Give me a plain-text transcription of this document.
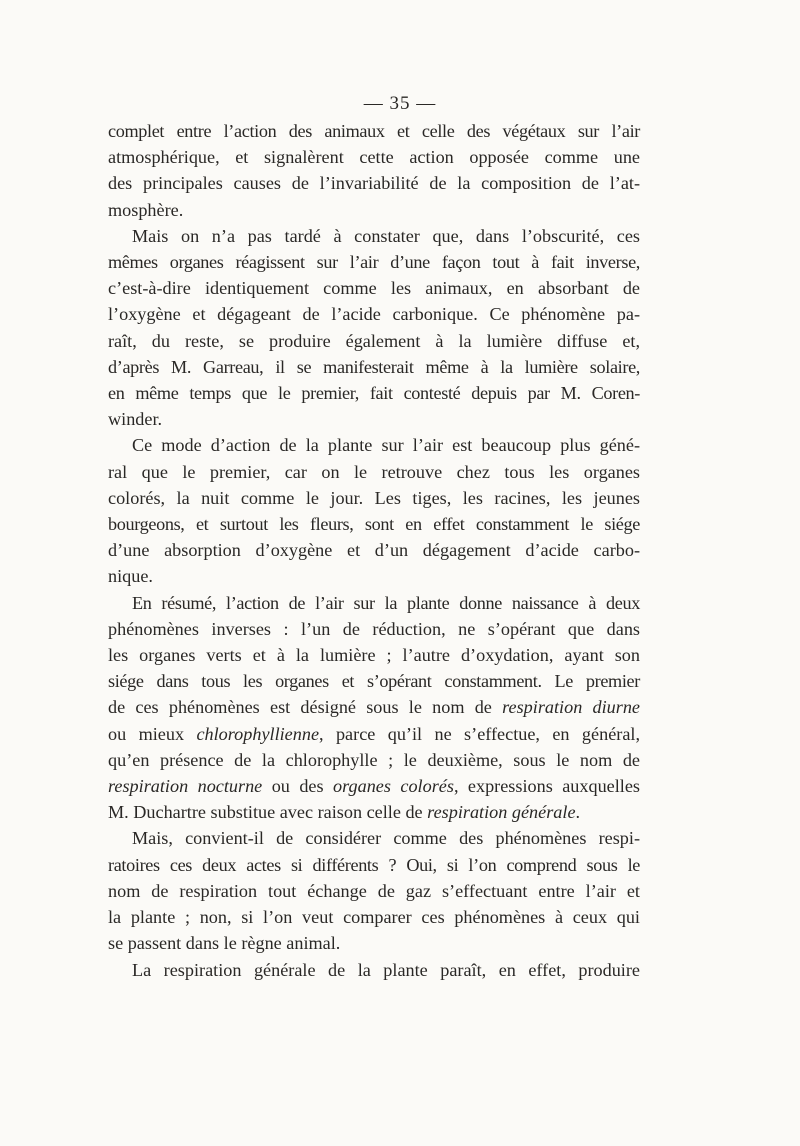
— 35 —
complet entre l’action des animaux et celle des végétaux sur l’air
atmosphérique, et signalèrent cette action opposée comme une
des principales causes de l’invariabilité de la composition de l’at-
mosphère.
Mais on n’a pas tardé à constater que, dans l’obscurité, ces
mêmes organes réagissent sur l’air d’une façon tout à fait inverse,
c’est-à-dire identiquement comme les animaux, en absorbant de
l’oxygène et dégageant de l’acide carbonique. Ce phénomène pa-
raît, du reste, se produire également à la lumière diffuse et,
d’après M. Garreau, il se manifesterait même à la lumière solaire,
en même temps que le premier, fait contesté depuis par M. Coren-
winder.
Ce mode d’action de la plante sur l’air est beaucoup plus géné-
ral que le premier, car on le retrouve chez tous les organes
colorés, la nuit comme le jour. Les tiges, les racines, les jeunes
bourgeons, et surtout les fleurs, sont en effet constamment le siége
d’une absorption d’oxygène et d’un dégagement d’acide carbo-
nique.
En résumé, l’action de l’air sur la plante donne naissance à deux
phénomènes inverses : l’un de réduction, ne s’opérant que dans
les organes verts et à la lumière ; l’autre d’oxydation, ayant son
siége dans tous les organes et s’opérant constamment. Le premier
de ces phénomènes est désigné sous le nom de respiration diurne
ou mieux chlorophyllienne, parce qu’il ne s’effectue, en général,
qu’en présence de la chlorophylle ; le deuxième, sous le nom de
respiration nocturne ou des organes colorés, expressions auxquelles
M. Duchartre substitue avec raison celle de respiration générale.
Mais, convient-il de considérer comme des phénomènes respi-
ratoires ces deux actes si différents ? Oui, si l’on comprend sous le
nom de respiration tout échange de gaz s’effectuant entre l’air et
la plante ; non, si l’on veut comparer ces phénomènes à ceux qui
se passent dans le règne animal.
La respiration générale de la plante paraît, en effet, produire
